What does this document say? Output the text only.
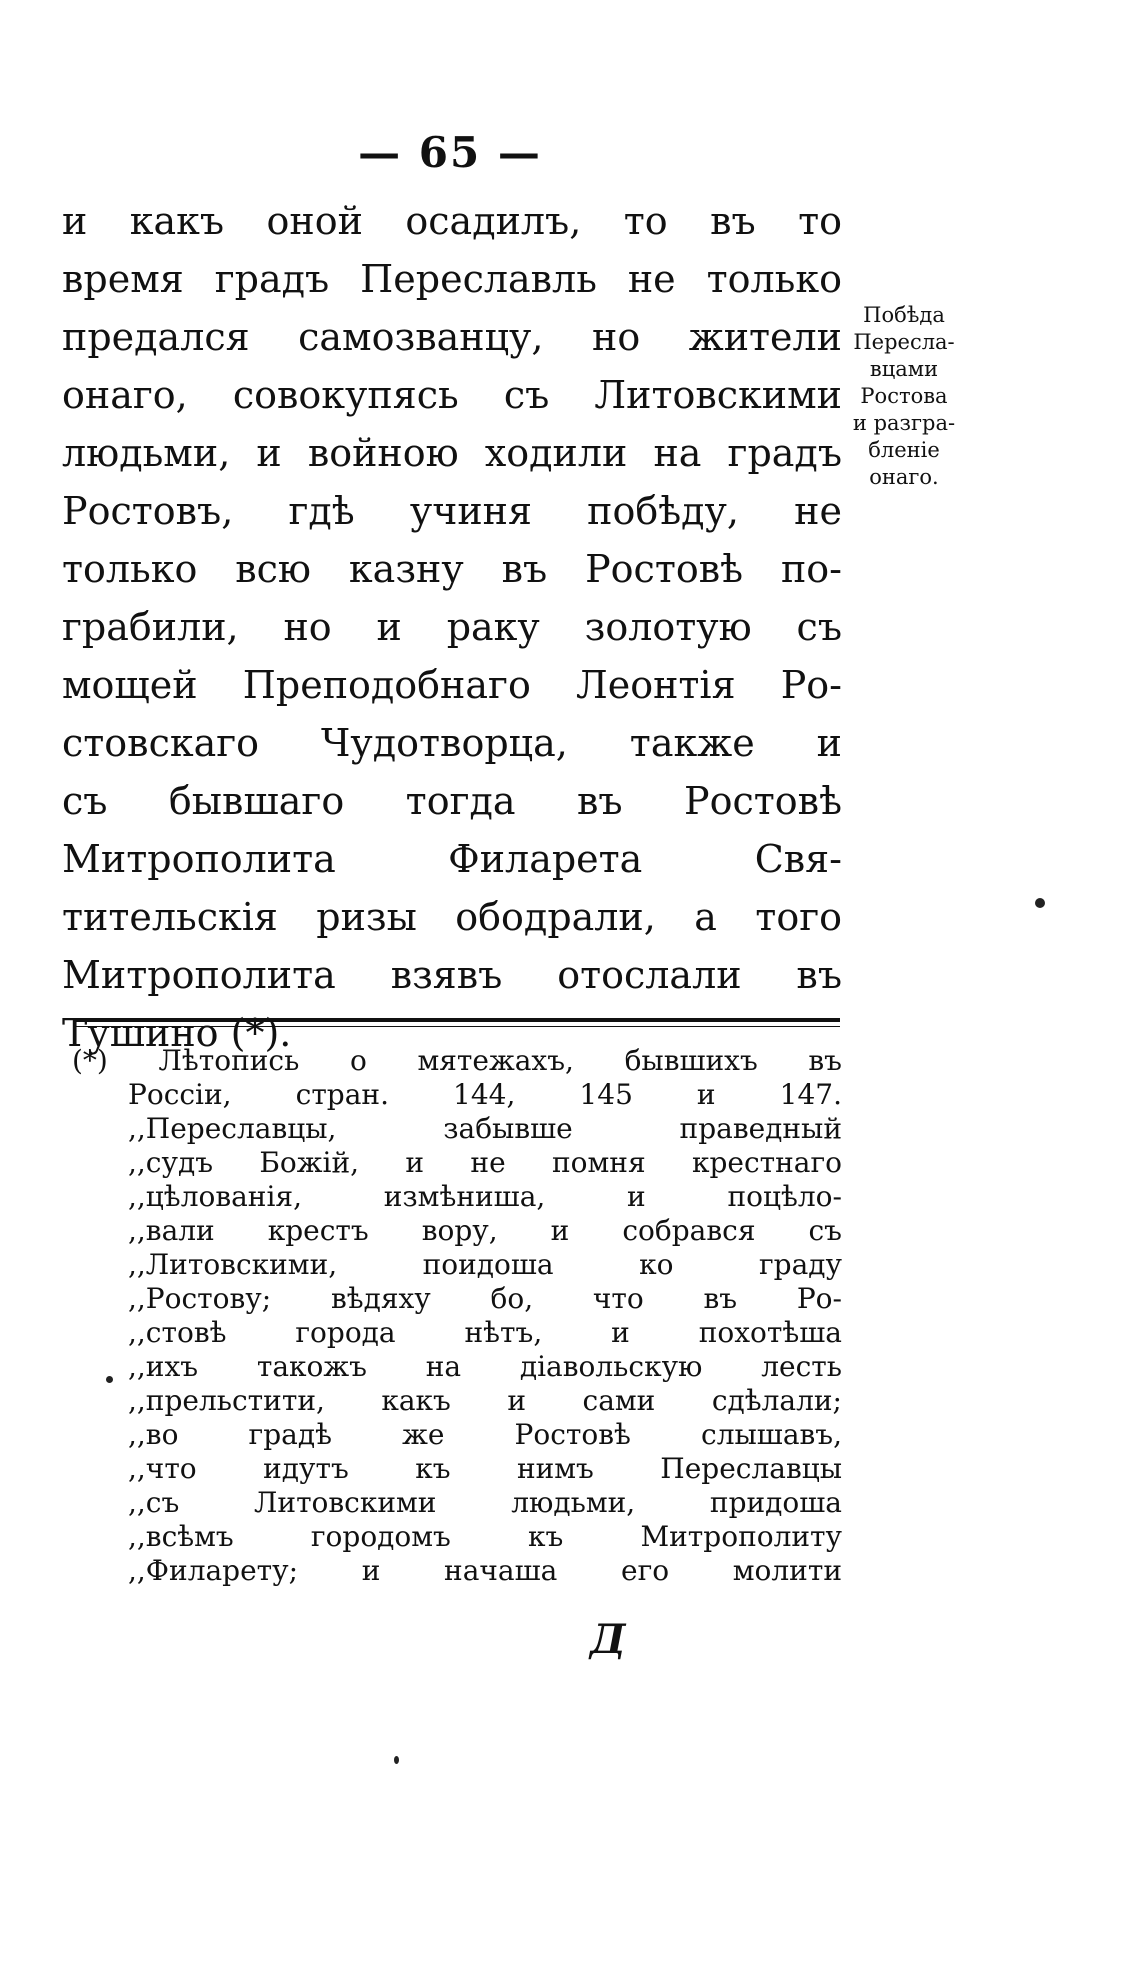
— 65 —
и какъ оной осадилъ, то въ то
время градъ Переславль не только
предался самозванцу, но жители
онаго, совокупясь съ Литовскими
людьми, и войною ходили на градъ
Ростовъ, гдѣ учиня побѣду, не
только всю казну въ Ростовѣ по-
грабили, но и раку золотую съ
мощей Преподобнаго Леонтія Ро-
стовскаго Чудотворца, также и
съ бывшаго тогда въ Ростовѣ
Митрополита Филарета Свя-
тительскія ризы ободрали, а того
Митрополита взявъ отослали въ
Тушино (*).
Побѣда
Пересла-
вцами
Ростова
и разгра-
бленіе
онаго.
(*) Лѣтопись о мятежахъ, бывшихъ въ
Россіи, стран. 144, 145 и 147.
,,Переславцы, забывше праведный
,,судъ Божій, и не помня крестнаго
,,цѣлованія, измѣниша, и поцѣло-
,,вали крестъ вору, и собрався съ
,,Литовскими, поидоша ко граду
,,Ростову; вѣдяху бо, что въ Ро-
,,стовѣ города нѣтъ, и похотѣша
,,ихъ такожъ на діавольскую лесть
,,прельстити, какъ и сами сдѣлали;
,,во градѣ же Ростовѣ слышавъ,
,,что идутъ къ нимъ Переславцы
,,съ Литовскими людьми, придоша
,,всѣмъ городомъ къ Митрополиту
,,Филарету; и начаша его молити
Д
